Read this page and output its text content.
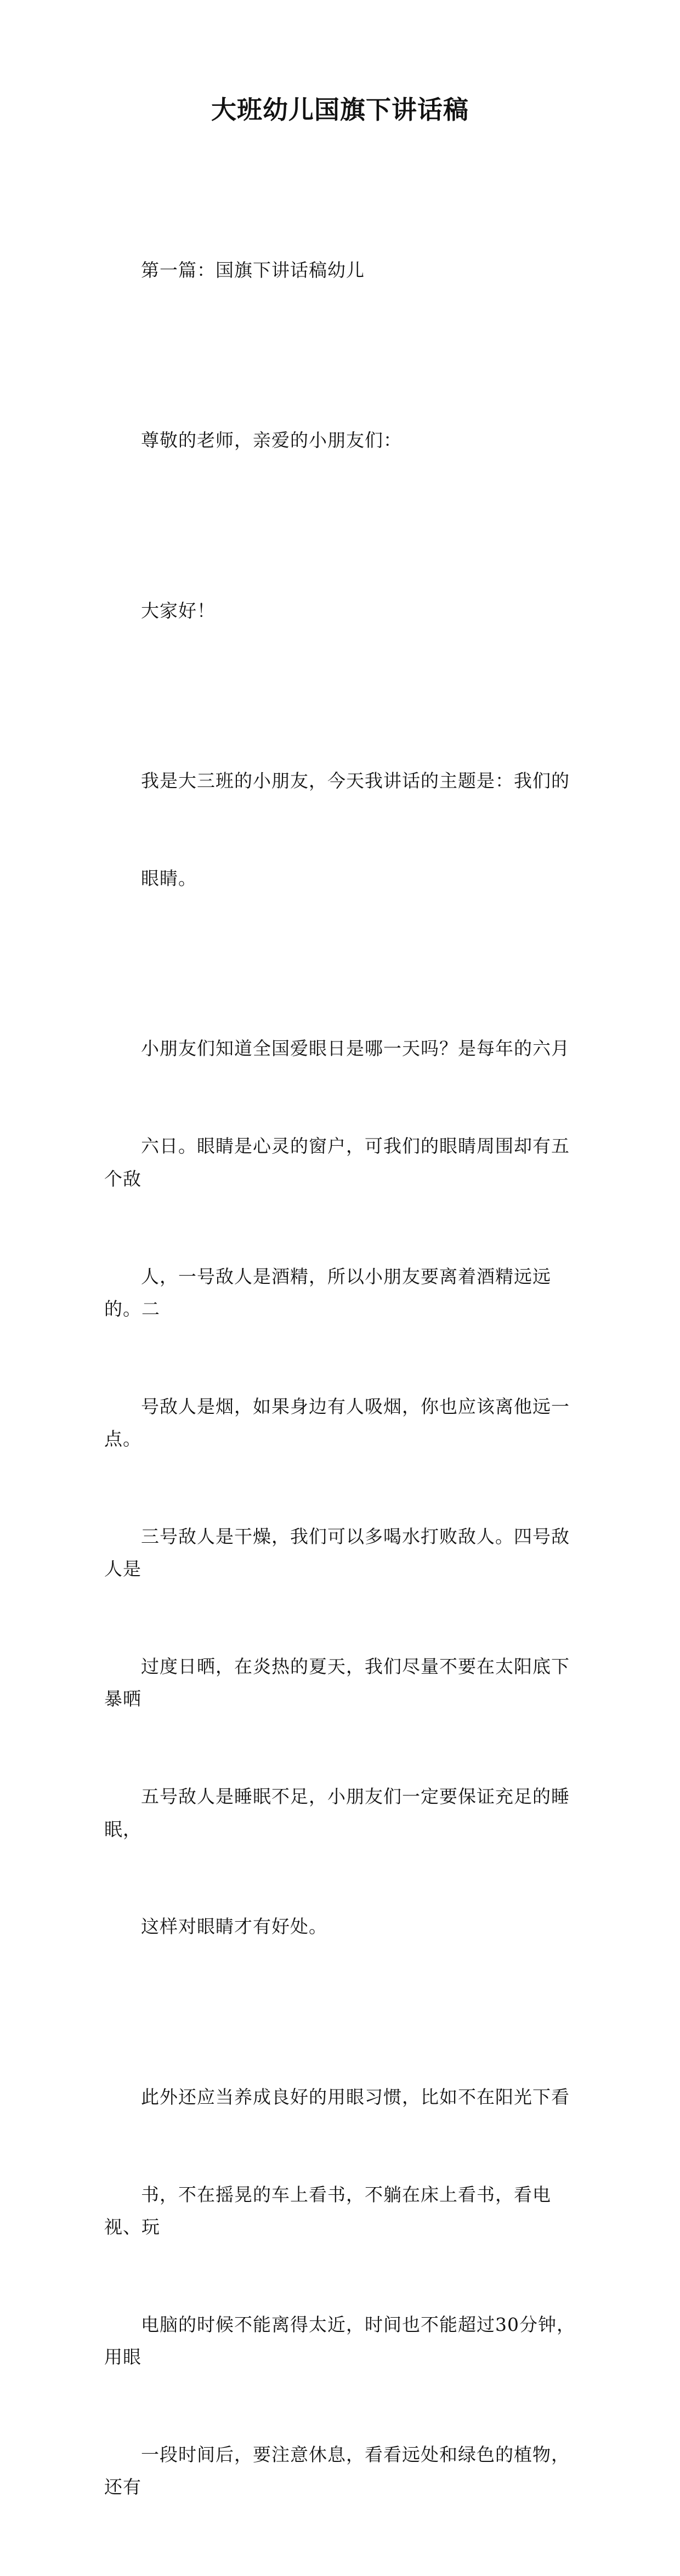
大班幼儿国旗下讲话稿

第一篇：国旗下讲话稿幼儿

尊敬的老师，亲爱的小朋友们：

大家好！

我是大三班的小朋友，今天我讲话的主题是：我们的

眼睛。

小朋友们知道全国爱眼日是哪一天吗？是每年的六月

六日。眼睛是心灵的窗户，可我们的眼睛周围却有五个敌

人，一号敌人是酒精，所以小朋友要离着酒精远远的。二

号敌人是烟，如果身边有人吸烟，你也应该离他远一点。

三号敌人是干燥，我们可以多喝水打败敌人。四号敌人是

过度日晒，在炎热的夏天，我们尽量不要在太阳底下暴晒

五号敌人是睡眠不足，小朋友们一定要保证充足的睡眠，

这样对眼睛才有好处。

此外还应当养成良好的用眼习惯，比如不在阳光下看

书，不在摇晃的车上看书，不躺在床上看书，看电视、玩

电脑的时候不能离得太近，时间也不能超过30分钟，用眼

一段时间后，要注意休息，看看远处和绿色的植物，还有
